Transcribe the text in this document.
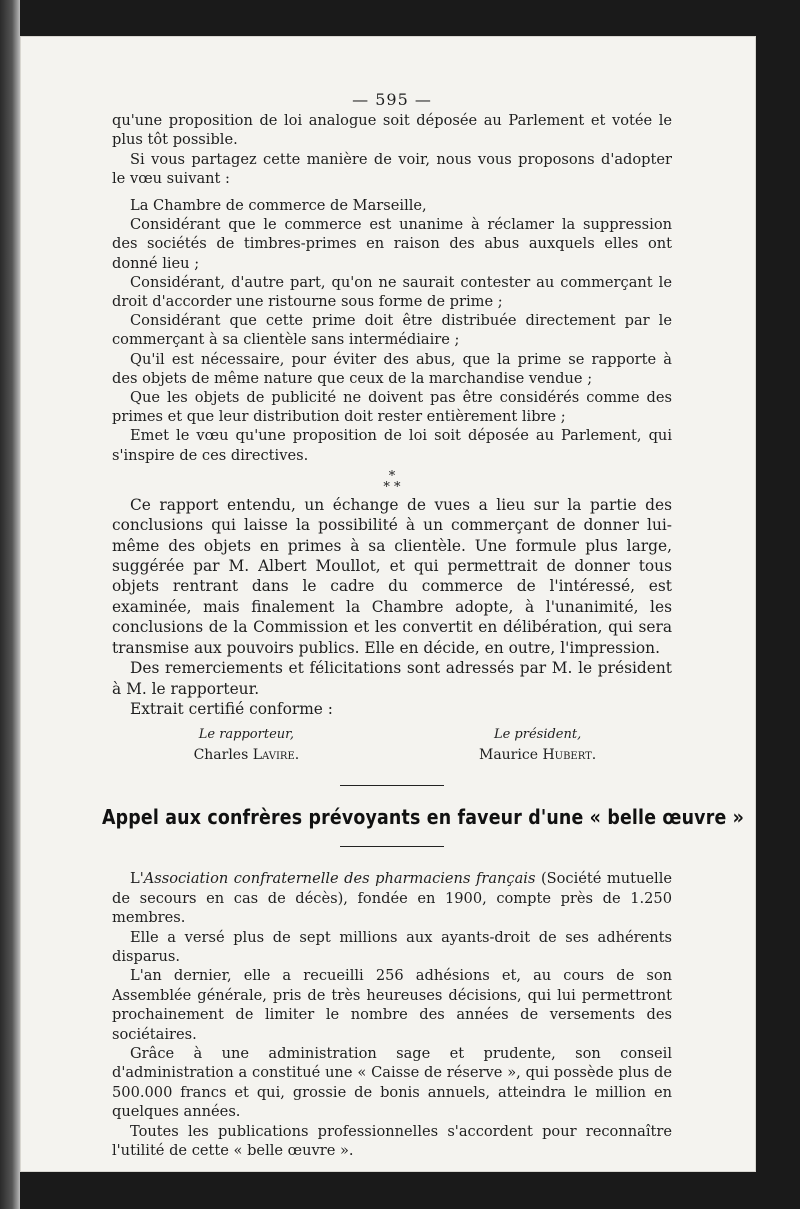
— 595 —

qu'une proposition de loi analogue soit déposée au Parlement et votée le plus tôt possible.

Si vous partagez cette manière de voir, nous vous proposons d'adopter le vœu suivant :

La Chambre de commerce de Marseille,

Considérant que le commerce est unanime à réclamer la suppression des sociétés de timbres-primes en raison des abus auxquels elles ont donné lieu ;

Considérant, d'autre part, qu'on ne saurait contester au commerçant le droit d'accorder une ristourne sous forme de prime ;

Considérant que cette prime doit être distribuée directement par le commerçant à sa clientèle sans intermédiaire ;

Qu'il est nécessaire, pour éviter des abus, que la prime se rapporte à des objets de même nature que ceux de la marchandise vendue ;

Que les objets de publicité ne doivent pas être considérés comme des primes et que leur distribution doit rester entièrement libre ;

Emet le vœu qu'une proposition de loi soit déposée au Parlement, qui s'inspire de ces directives.

*
* *

Ce rapport entendu, un échange de vues a lieu sur la partie des conclusions qui laisse la possibilité à un commerçant de donner lui-même des objets en primes à sa clientèle. Une formule plus large, suggérée par M. Albert Moullot, et qui permettrait de donner tous objets rentrant dans le cadre du commerce de l'intéressé, est examinée, mais finalement la Chambre adopte, à l'unanimité, les conclusions de la Commission et les convertit en délibération, qui sera transmise aux pouvoirs publics. Elle en décide, en outre, l'impression.

Des remerciements et félicitations sont adressés par M. le président à M. le rapporteur.

Extrait certifié conforme :

Le rapporteur,
Charles Lavire.
Le président,
Maurice Hubert.
Appel aux confrères prévoyants en faveur d'une « belle œuvre »

L'Association confraternelle des pharmaciens français (Société mutuelle de secours en cas de décès), fondée en 1900, compte près de 1.250 membres.

Elle a versé plus de sept millions aux ayants-droit de ses adhérents disparus.

L'an dernier, elle a recueilli 256 adhésions et, au cours de son Assemblée générale, pris de très heureuses décisions, qui lui permettront prochainement de limiter le nombre des années de versements des sociétaires.

Grâce à une administration sage et prudente, son conseil d'administration a constitué une « Caisse de réserve », qui possède plus de 500.000 francs et qui, grossie de bonis annuels, atteindra le million en quelques années.

Toutes les publications professionnelles s'accordent pour reconnaître l'utilité de cette « belle œuvre ».
